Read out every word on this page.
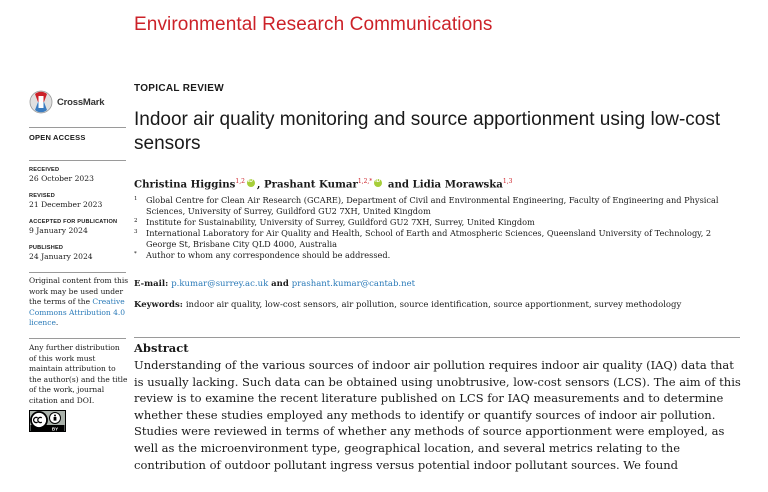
Environmental Research Communications
CrossMark
OPEN ACCESS
RECEIVED
26 October 2023
REVISED
21 December 2023
ACCEPTED FOR PUBLICATION
9 January 2024
PUBLISHED
24 January 2024
Original content from this work may be used under the terms of the Creative Commons Attribution 4.0 licence.
Any further distribution of this work must maintain attribution to the author(s) and the title of the work, journal citation and DOI.
BY
TOPICAL REVIEW
Indoor air quality monitoring and source apportionment using low-cost sensors
Christina Higgins$^{1,2}$iD , Prashant Kumar$^{1,2,*}$iD and Lidia Morawska$^{1,3}$
1	Global Centre for Clean Air Research (GCARE), Department of Civil and Environmental Engineering, Faculty of Engineering and Physical Sciences, University of Surrey, Guildford GU2 7XH, United Kingdom
2	Institute for Sustainability, University of Surrey, Guildford GU2 7XH, Surrey, United Kingdom
3	International Laboratory for Air Quality and Health, School of Earth and Atmospheric Sciences, Queensland University of Technology, 2 George St, Brisbane City QLD 4000, Australia
*	Author to whom any correspondence should be addressed.
E-mail: p.kumar@surrey.ac.uk and prashant.kumar@cantab.net
Keywords: indoor air quality, low-cost sensors, air pollution, source identification, source apportionment, survey methodology
Abstract
Understanding of the various sources of indoor air pollution requires indoor air quality (IAQ) data that is usually lacking. Such data can be obtained using unobtrusive, low-cost sensors (LCS). The aim of this review is to examine the recent literature published on LCS for IAQ measurements and to determine whether these studies employed any methods to identify or quantify sources of indoor air pollution. Studies were reviewed in terms of whether any methods of source apportionment were employed, as well as the microenvironment type, geographical location, and several metrics relating to the contribution of outdoor pollutant ingress versus potential indoor pollutant sources. We found
